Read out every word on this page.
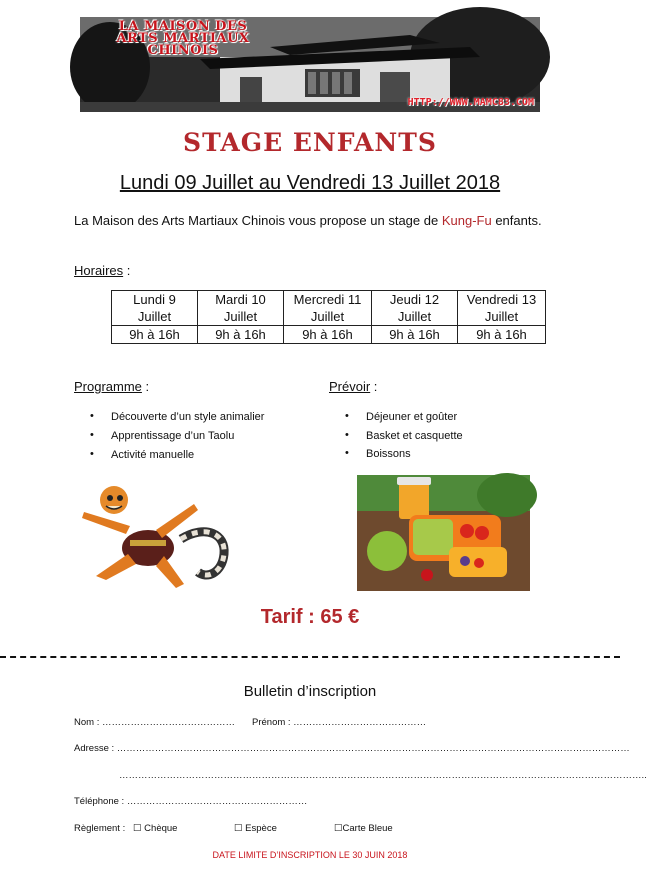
LA MAISON DES
ARTS MARTIAUX
CHINOIS
HTTP://WWW.MAMC83.COM
STAGE ENFANTS
Lundi 09 Juillet au Vendredi 13 Juillet 2018
La Maison des Arts Martiaux Chinois vous propose un stage de Kung-Fu enfants.
Horaires :
Lundi 9
Juillet	Mardi 10
Juillet	Mercredi 11
Juillet	Jeudi 12
Juillet	Vendredi 13
Juillet
9h à 16h	9h à 16h	9h à 16h	9h à 16h	9h à 16h
Programme :	Prévoir :
• Découverte d’un style animalier
• Apprentissage d’un Taolu
• Activité manuelle
• Déjeuner et goûter
• Basket et casquette
• Boissons
Tarif : 65 €
Bulletin d’inscription
Nom : …………………………………… Prénom : ……………………………………
Adresse : ………………………………………………………………………………………………………………………………………………
…………………………………………………………………………………………………………………………………………………..
Téléphone : …………………………………………………
Règlement : ☐ Chèque	☐ Espèce	☐Carte Bleue
DATE LIMITE D’INSCRIPTION LE 30 JUIN 2018
